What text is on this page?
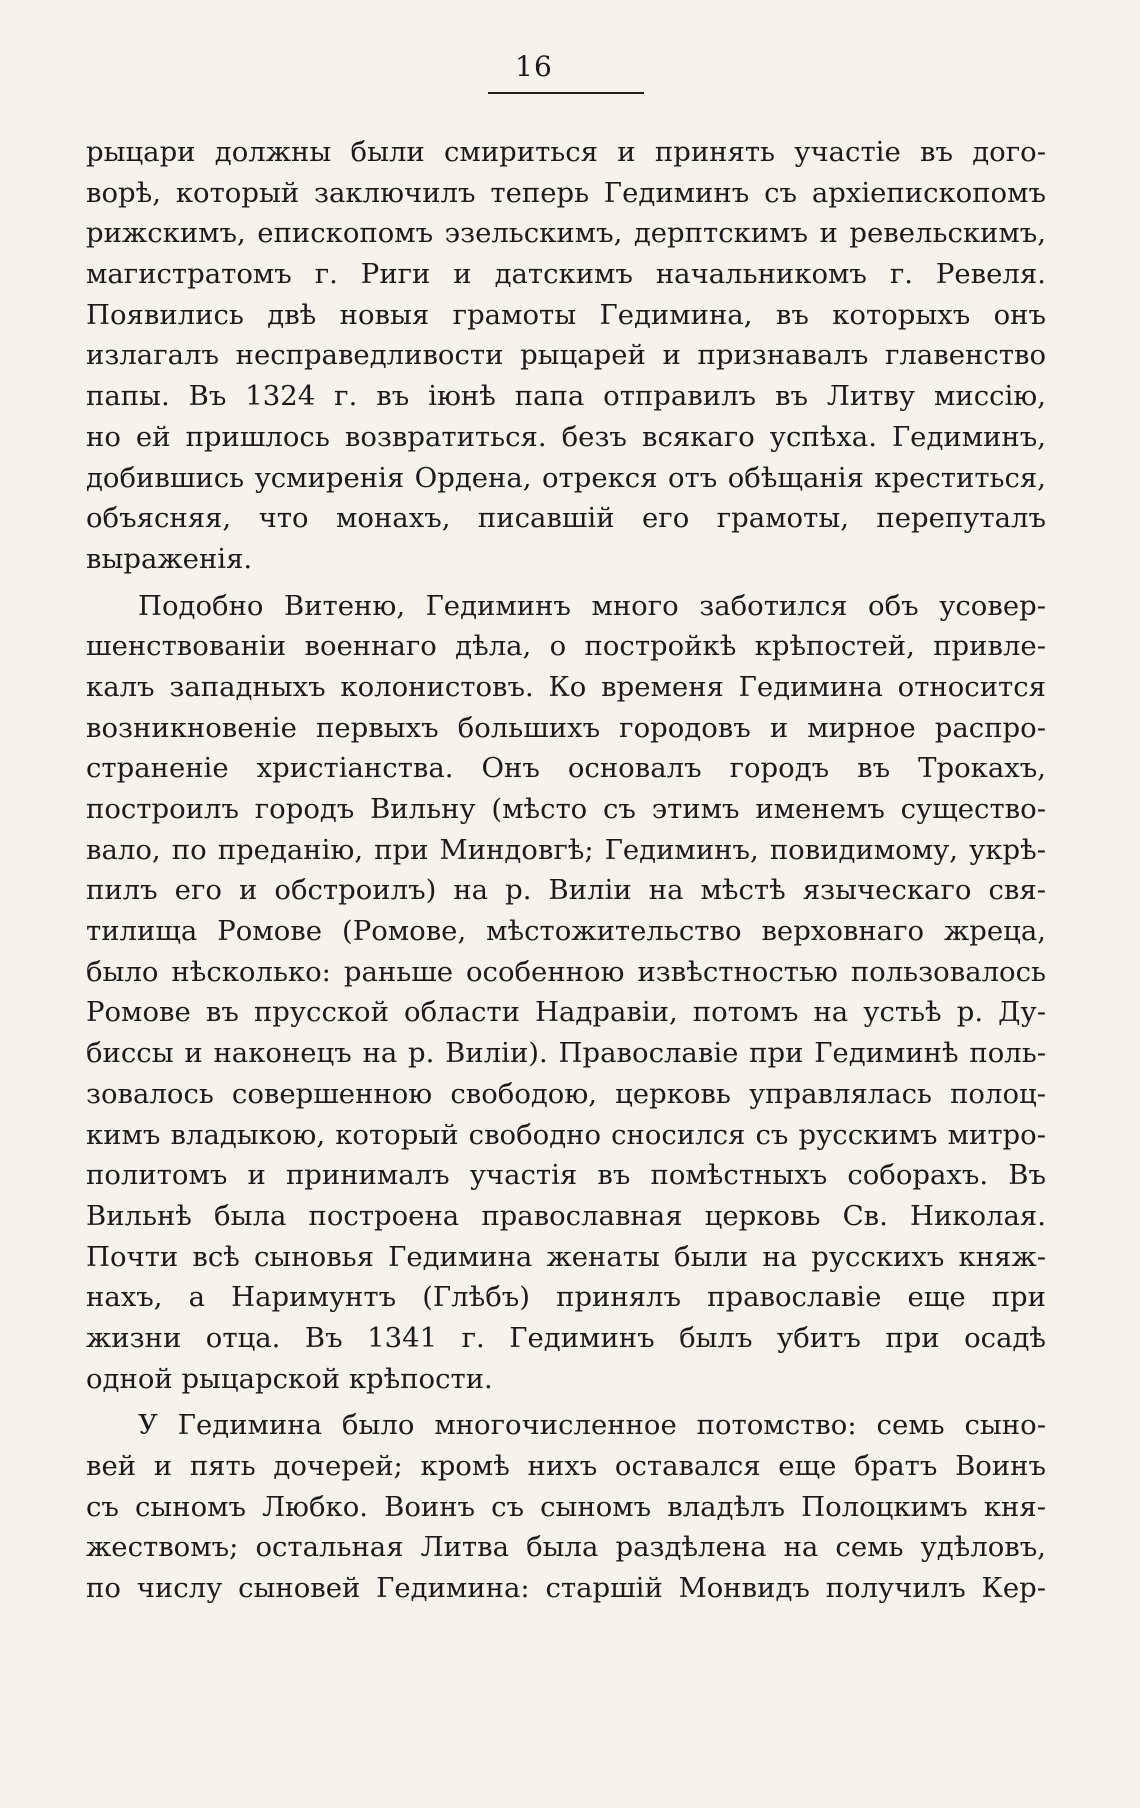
16
рыцари должны были смириться и принять участіе въ дого-
ворѣ, который заключилъ теперь Гедиминъ съ архіепископомъ
рижскимъ, епископомъ эзельскимъ, дерптскимъ и ревельскимъ,
магистратомъ г. Риги и датскимъ начальникомъ г. Ревеля.
Появились двѣ новыя грамоты Гедимина, въ которыхъ онъ
излагалъ несправедливости рыцарей и признавалъ главенство
папы. Въ 1324 г. въ іюнѣ папа отправилъ въ Литву миссію,
но ей пришлось возвратиться. безъ всякаго успѣха. Гедиминъ,
добившись усмиренія Ордена, отрекся отъ обѣщанія креститься,
объясняя, что монахъ, писавшій его грамоты, перепуталъ
выраженія.
Подобно Витеню, Гедиминъ много заботился объ усовер-
шенствованіи военнаго дѣла, о постройкѣ крѣпостей, привле-
калъ западныхъ колонистовъ. Ко временя Гедимина относится
возникновеніе первыхъ большихъ городовъ и мирное распро-
страненіе христіанства. Онъ основалъ городъ въ Трокахъ,
построилъ городъ Вильну (мѣсто съ этимъ именемъ существо-
вало, по преданію, при Миндовгѣ; Гедиминъ, повидимому, укрѣ-
пилъ его и обстроилъ) на р. Виліи на мѣстѣ языческаго свя-
тилища Ромове (Ромове, мѣстожительство верховнаго жреца,
было нѣсколько: раньше особенною извѣстностью пользовалось
Ромове въ прусской области Надравіи, потомъ на устьѣ р. Ду-
биссы и наконецъ на р. Виліи). Православіе при Гедиминѣ поль-
зовалось совершенною свободою, церковь управлялась полоц-
кимъ владыкою, который свободно сносился съ русскимъ митро-
политомъ и принималъ участія въ помѣстныхъ соборахъ. Въ
Вильнѣ была построена православная церковь Св. Николая.
Почти всѣ сыновья Гедимина женаты были на русскихъ княж-
нахъ, а Наримунтъ (Глѣбъ) принялъ православіе еще при
жизни отца. Въ 1341 г. Гедиминъ былъ убитъ при осадѣ
одной рыцарской крѣпости.
У Гедимина было многочисленное потомство: семь сыно-
вей и пять дочерей; кромѣ нихъ оставался еще братъ Воинъ
съ сыномъ Любко. Воинъ съ сыномъ владѣлъ Полоцкимъ кня-
жествомъ; остальная Литва была раздѣлена на семь удѣловъ,
по числу сыновей Гедимина: старшій Монвидъ получилъ Кер-
